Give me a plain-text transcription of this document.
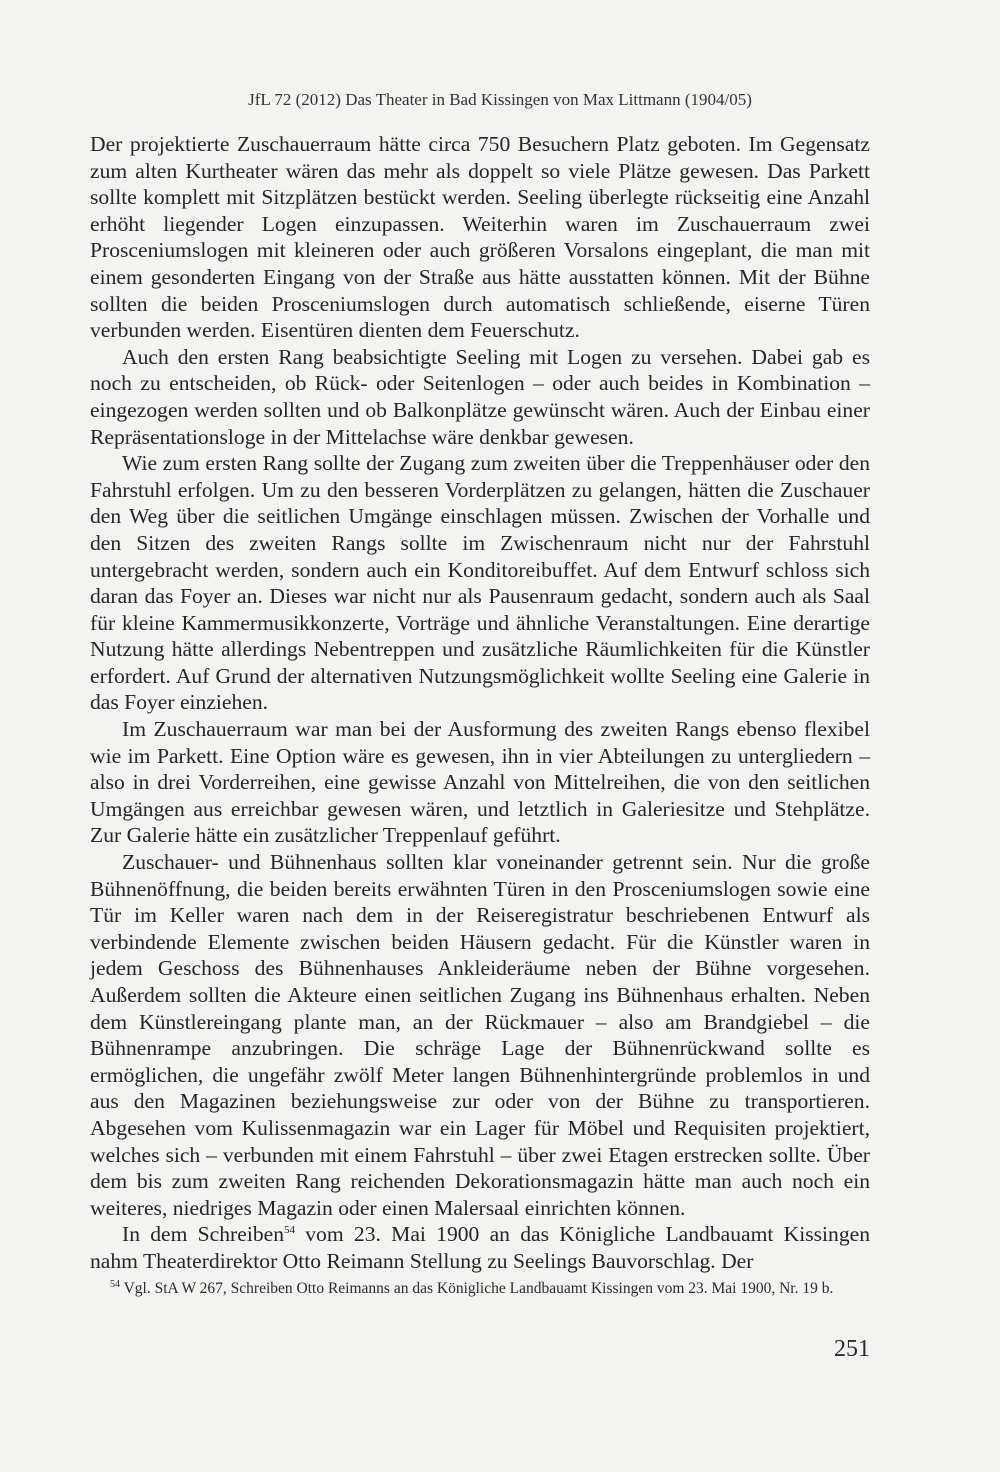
JfL 72 (2012) Das Theater in Bad Kissingen von Max Littmann (1904/05)

Der projektierte Zuschauerraum hätte circa 750 Besuchern Platz geboten. Im Gegensatz zum alten Kurtheater wären das mehr als doppelt so viele Plätze gewesen. Das Parkett sollte komplett mit Sitzplätzen bestückt werden. Seeling überlegte rückseitig eine Anzahl erhöht liegender Logen einzupassen. Weiterhin waren im Zuschauerraum zwei Prosceniumslogen mit kleineren oder auch größeren Vorsalons eingeplant, die man mit einem gesonderten Eingang von der Straße aus hätte ausstatten können. Mit der Bühne sollten die beiden Prosceniumslogen durch automatisch schließende, eiserne Türen verbunden werden. Eisentüren dienten dem Feuerschutz.

Auch den ersten Rang beabsichtigte Seeling mit Logen zu versehen. Dabei gab es noch zu entscheiden, ob Rück- oder Seitenlogen – oder auch beides in Kombination – eingezogen werden sollten und ob Balkonplätze gewünscht wären. Auch der Einbau einer Repräsentationsloge in der Mittelachse wäre denkbar gewesen.

Wie zum ersten Rang sollte der Zugang zum zweiten über die Treppenhäuser oder den Fahrstuhl erfolgen. Um zu den besseren Vorderplätzen zu gelangen, hätten die Zuschauer den Weg über die seitlichen Umgänge einschlagen müssen. Zwischen der Vorhalle und den Sitzen des zweiten Rangs sollte im Zwischenraum nicht nur der Fahrstuhl untergebracht werden, sondern auch ein Konditoreibuffet. Auf dem Entwurf schloss sich daran das Foyer an. Dieses war nicht nur als Pausenraum gedacht, sondern auch als Saal für kleine Kammermusikkonzerte, Vorträge und ähnliche Veranstaltungen. Eine derartige Nutzung hätte allerdings Nebentreppen und zusätzliche Räumlichkeiten für die Künstler erfordert. Auf Grund der alternativen Nutzungsmöglichkeit wollte Seeling eine Galerie in das Foyer einziehen.

Im Zuschauerraum war man bei der Ausformung des zweiten Rangs ebenso flexibel wie im Parkett. Eine Option wäre es gewesen, ihn in vier Abteilungen zu untergliedern – also in drei Vorderreihen, eine gewisse Anzahl von Mittelreihen, die von den seitlichen Umgängen aus erreichbar gewesen wären, und letztlich in Galeriesitze und Stehplätze. Zur Galerie hätte ein zusätzlicher Treppenlauf geführt.

Zuschauer- und Bühnenhaus sollten klar voneinander getrennt sein. Nur die große Bühnenöffnung, die beiden bereits erwähnten Türen in den Prosceniumslogen sowie eine Tür im Keller waren nach dem in der Reiseregistratur beschriebenen Entwurf als verbindende Elemente zwischen beiden Häusern gedacht. Für die Künstler waren in jedem Geschoss des Bühnenhauses Ankleideräume neben der Bühne vorgesehen. Außerdem sollten die Akteure einen seitlichen Zugang ins Bühnenhaus erhalten. Neben dem Künstlereingang plante man, an der Rückmauer – also am Brandgiebel – die Bühnenrampe anzubringen. Die schräge Lage der Bühnenrückwand sollte es ermöglichen, die ungefähr zwölf Meter langen Bühnenhintergründe problemlos in und aus den Magazinen beziehungsweise zur oder von der Bühne zu transportieren. Abgesehen vom Kulissenmagazin war ein Lager für Möbel und Requisiten projektiert, welches sich – verbunden mit einem Fahrstuhl – über zwei Etagen erstrecken sollte. Über dem bis zum zweiten Rang reichenden Dekorationsmagazin hätte man auch noch ein weiteres, niedriges Magazin oder einen Malersaal einrichten können.

In dem Schreiben$^{54}$ vom 23. Mai 1900 an das Königliche Landbauamt Kissingen nahm Theaterdirektor Otto Reimann Stellung zu Seelings Bauvorschlag. Der

$^{54}$ Vgl. StA W 267, Schreiben Otto Reimanns an das Königliche Landbauamt Kissingen vom 23. Mai 1900, Nr. 19 b.
251
